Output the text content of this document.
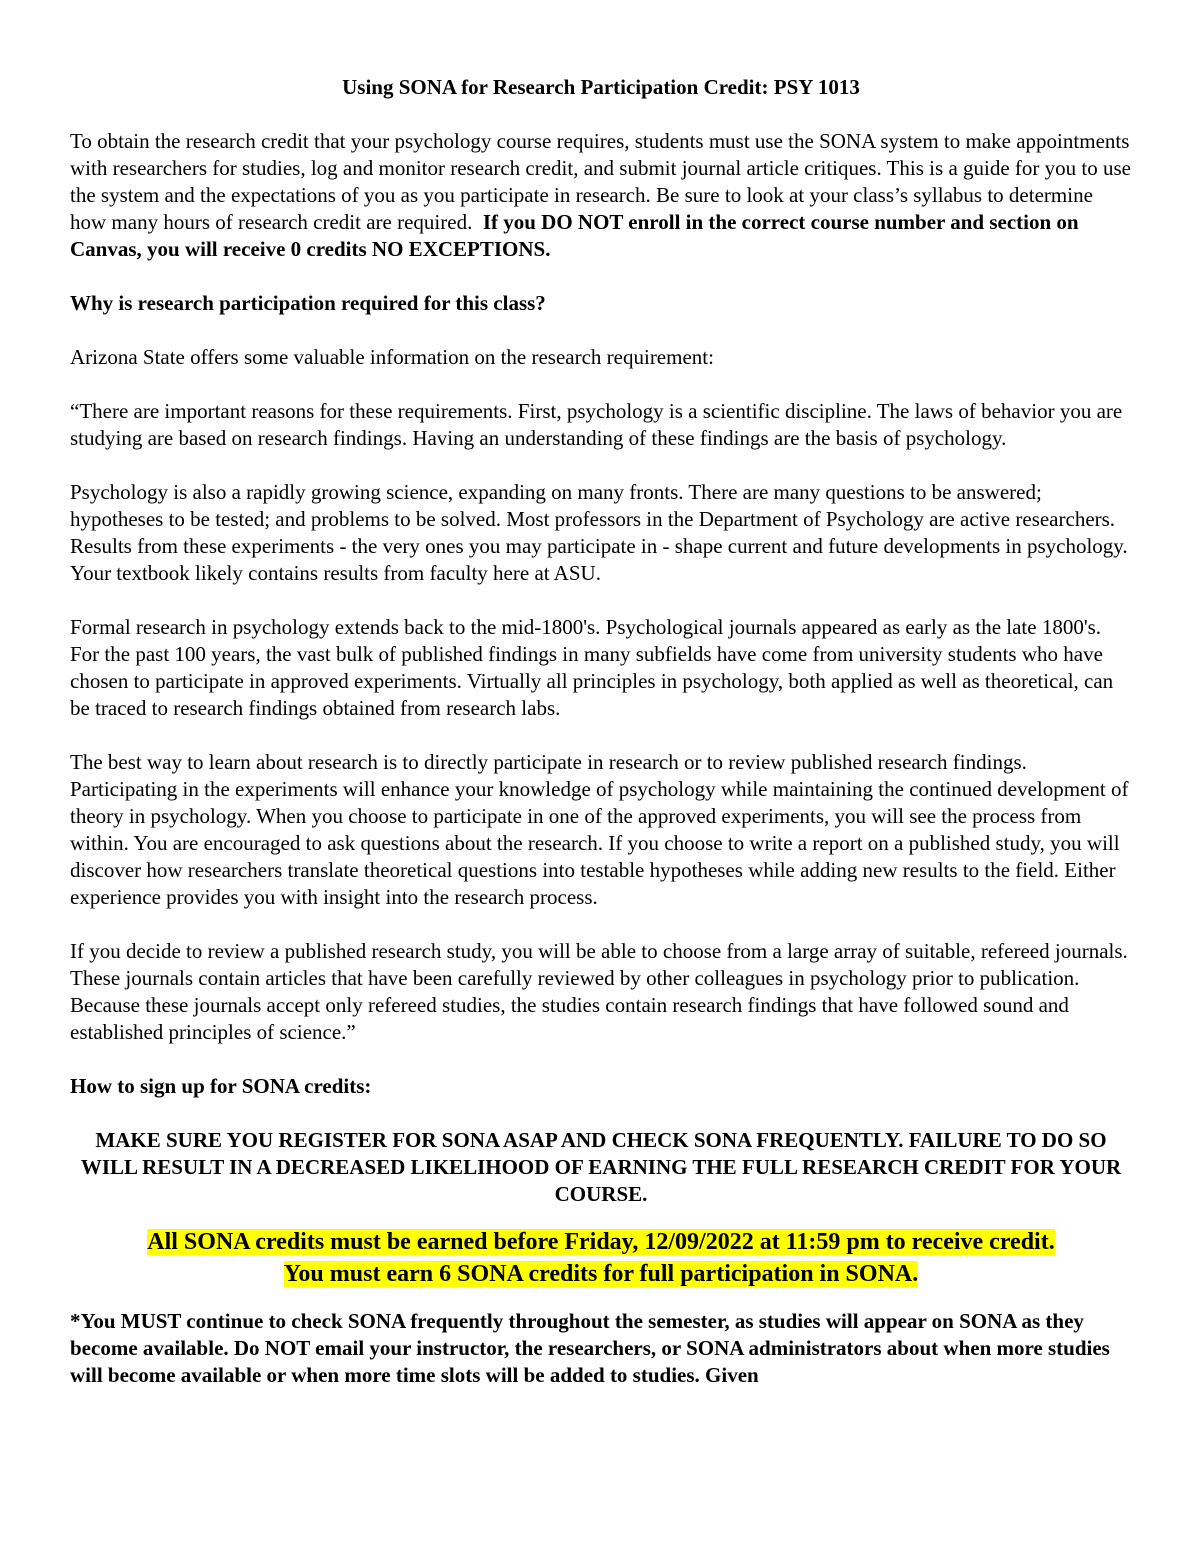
Using SONA for Research Participation Credit: PSY 1013

To obtain the research credit that your psychology course requires, students must use the SONA system to make appointments with researchers for studies, log and monitor research credit, and submit journal article critiques. This is a guide for you to use the system and the expectations of you as you participate in research. Be sure to look at your class’s syllabus to determine how many hours of research credit are required. If you DO NOT enroll in the correct course number and section on Canvas, you will receive 0 credits NO EXCEPTIONS.

Why is research participation required for this class?

Arizona State offers some valuable information on the research requirement:

“There are important reasons for these requirements. First, psychology is a scientific discipline. The laws of behavior you are studying are based on research findings. Having an understanding of these findings are the basis of psychology.

Psychology is also a rapidly growing science, expanding on many fronts. There are many questions to be answered; hypotheses to be tested; and problems to be solved. Most professors in the Department of Psychology are active researchers. Results from these experiments - the very ones you may participate in - shape current and future developments in psychology. Your textbook likely contains results from faculty here at ASU.

Formal research in psychology extends back to the mid-1800's. Psychological journals appeared as early as the late 1800's. For the past 100 years, the vast bulk of published findings in many subfields have come from university students who have chosen to participate in approved experiments. Virtually all principles in psychology, both applied as well as theoretical, can be traced to research findings obtained from research labs.

The best way to learn about research is to directly participate in research or to review published research findings. Participating in the experiments will enhance your knowledge of psychology while maintaining the continued development of theory in psychology. When you choose to participate in one of the approved experiments, you will see the process from within. You are encouraged to ask questions about the research. If you choose to write a report on a published study, you will discover how researchers translate theoretical questions into testable hypotheses while adding new results to the field. Either experience provides you with insight into the research process.

If you decide to review a published research study, you will be able to choose from a large array of suitable, refereed journals. These journals contain articles that have been carefully reviewed by other colleagues in psychology prior to publication. Because these journals accept only refereed studies, the studies contain research findings that have followed sound and established principles of science.”

How to sign up for SONA credits:
MAKE SURE YOU REGISTER FOR SONA ASAP AND CHECK SONA FREQUENTLY. FAILURE TO DO SO WILL RESULT IN A DECREASED LIKELIHOOD OF EARNING THE FULL RESEARCH CREDIT FOR YOUR COURSE.
All SONA credits must be earned before Friday, 12/09/2022 at 11:59 pm to receive credit.
You must earn 6 SONA credits for full participation in SONA.

*You MUST continue to check SONA frequently throughout the semester, as studies will appear on SONA as they become available. Do NOT email your instructor, the researchers, or SONA administrators about when more studies will become available or when more time slots will be added to studies. Given
